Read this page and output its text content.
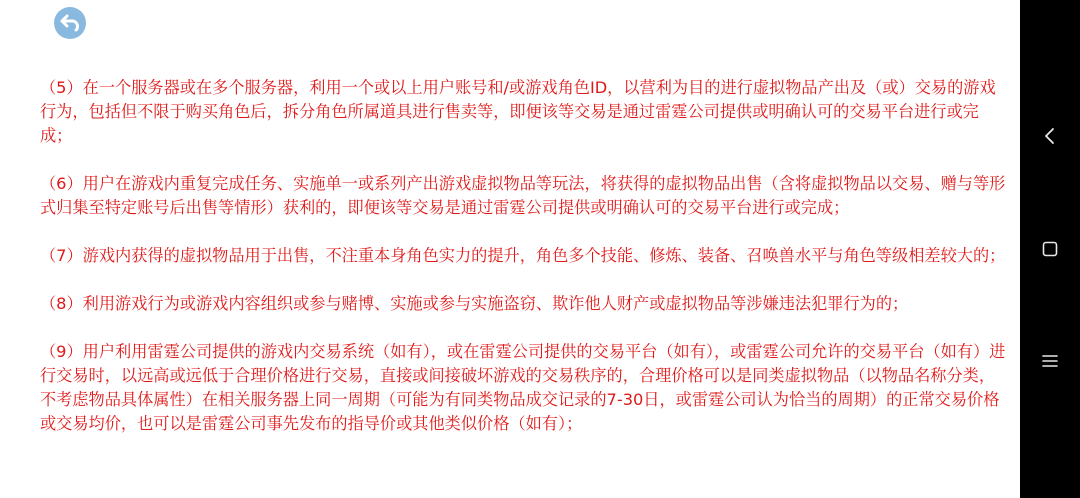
（5）在一个服务器或在多个服务器，利用一个或以上用户账号和/或游戏角色ID，以营利为目的进行虚拟物品产出及（或）交易的游戏行为，包括但不限于购买角色后，拆分角色所属道具进行售卖等，即便该等交易是通过雷霆公司提供或明确认可的交易平台进行或完成；

（6）用户在游戏内重复完成任务、实施单一或系列产出游戏虚拟物品等玩法，将获得的虚拟物品出售（含将虚拟物品以交易、赠与等形式归集至特定账号后出售等情形）获利的，即便该等交易是通过雷霆公司提供或明确认可的交易平台进行或完成；

（7）游戏内获得的虚拟物品用于出售，不注重本身角色实力的提升，角色多个技能、修炼、装备、召唤兽水平与角色等级相差较大的；

（8）利用游戏行为或游戏内容组织或参与赌博、实施或参与实施盗窃、欺诈他人财产或虚拟物品等涉嫌违法犯罪行为的；

（9）用户利用雷霆公司提供的游戏内交易系统（如有），或在雷霆公司提供的交易平台（如有），或雷霆公司允许的交易平台（如有）进行交易时，以远高或远低于合理价格进行交易，直接或间接破坏游戏的交易秩序的，合理价格可以是同类虚拟物品（以物品名称分类，不考虑物品具体属性）在相关服务器上同一周期（可能为有同类物品成交记录的7-30日，或雷霆公司认为恰当的周期）的正常交易价格或交易均价，也可以是雷霆公司事先发布的指导价或其他类似价格（如有）；
